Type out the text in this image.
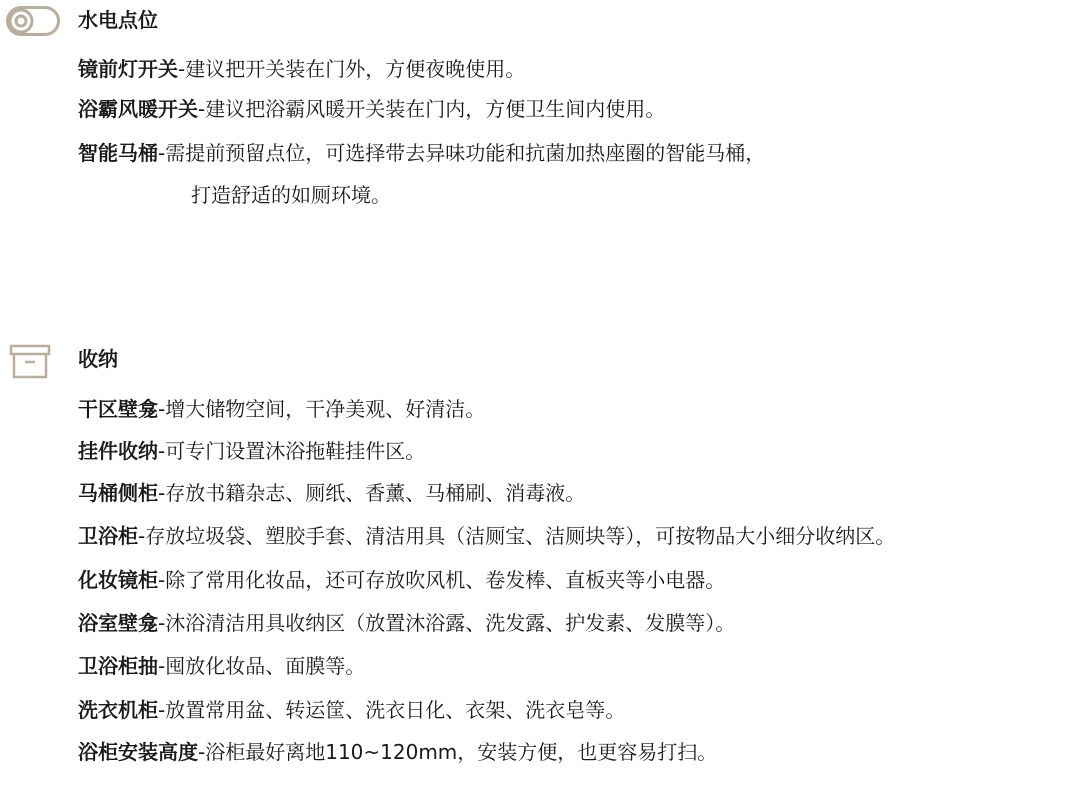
水电点位
镜前灯开关-建议把开关装在门外，方便夜晚使用。
浴霸风暖开关-建议把浴霸风暖开关装在门内，方便卫生间内使用。
智能马桶-需提前预留点位，可选择带去异味功能和抗菌加热座圈的智能马桶，
打造舒适的如厕环境。
收纳
干区壁龛-增大储物空间，干净美观、好清洁。
挂件收纳-可专门设置沐浴拖鞋挂件区。
马桶侧柜-存放书籍杂志、厕纸、香薰、马桶刷、消毒液。
卫浴柜-存放垃圾袋、塑胶手套、清洁用具（洁厕宝、洁厕块等），可按物品大小细分收纳区。
化妆镜柜-除了常用化妆品，还可存放吹风机、卷发棒、直板夹等小电器。
浴室壁龛-沐浴清洁用具收纳区（放置沐浴露、洗发露、护发素、发膜等）。
卫浴柜抽-囤放化妆品、面膜等。
洗衣机柜-放置常用盆、转运筐、洗衣日化、衣架、洗衣皂等。
浴柜安装高度-浴柜最好离地110~120mm，安装方便，也更容易打扫。
